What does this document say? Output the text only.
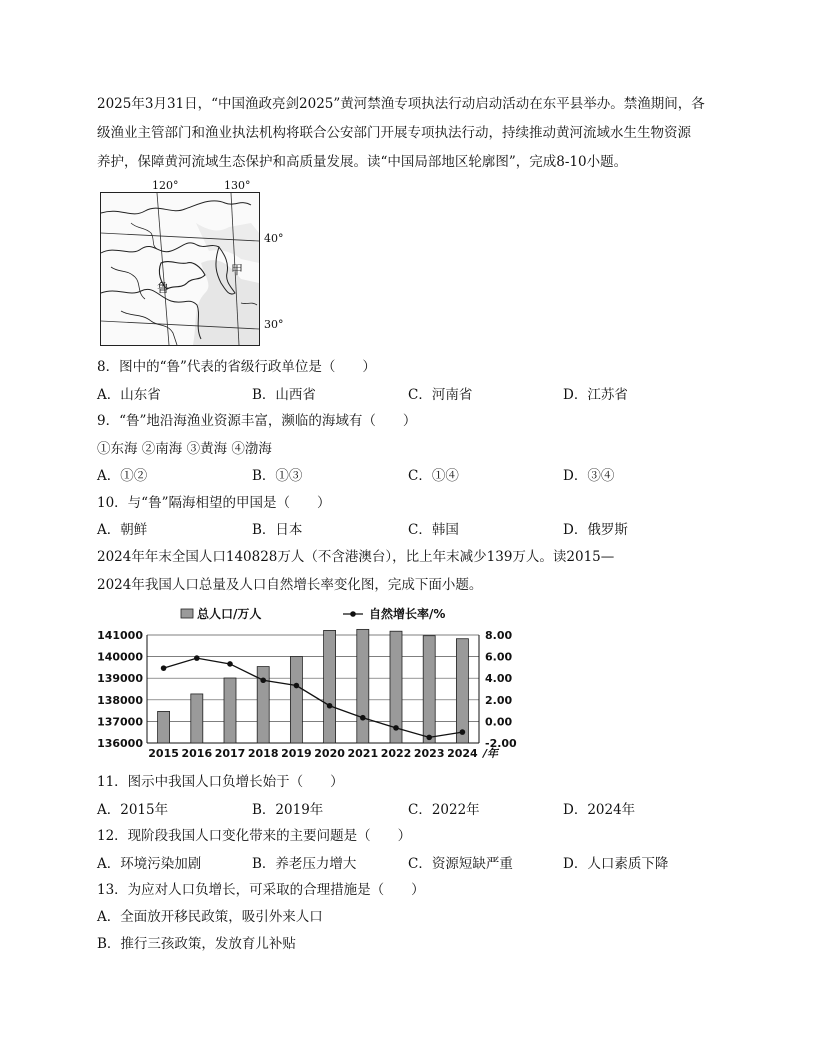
2025年3月31日，“中国渔政亮剑2025”黄河禁渔专项执法行动启动活动在东平县举办。禁渔期间，各
级渔业主管部门和渔业执法机构将联合公安部门开展专项执法行动，持续推动黄河流域水生生物资源
养护，保障黄河流域生态保护和高质量发展。读“中国局部地区轮廓图”，完成8-10小题。
120°	130°
40°
30°
甲
鲁
8．图中的“鲁”代表的省级行政单位是（　　）
A．山东省	B．山西省	C．河南省	D．江苏省
9．“鲁”地沿海渔业资源丰富，濒临的海域有（　　）
①东海 ②南海 ③黄海 ④渤海
A．①②	B．①③	C．①④	D．③④
10．与“鲁”隔海相望的甲国是（　　）
A．朝鲜	B．日本	C．韩国	D．俄罗斯
2024年年末全国人口140828万人（不含港澳台），比上年末减少139万人。读2015—
2024年我国人口总量及人口自然增长率变化图，完成下面小题。
136000
137000
138000
139000
140000
141000
-2.00
0.00
2.00
4.00
6.00
8.00
2015 2016 2017 2018 2019 2020 2021 2022 2023 2024 /年
总人口/万人	自然增长率/%
11．图示中我国人口负增长始于（　　）
A．2015年	B．2019年	C．2022年	D．2024年
12．现阶段我国人口变化带来的主要问题是（　　）
A．环境污染加剧	B．养老压力增大	C．资源短缺严重	D．人口素质下降
13．为应对人口负增长，可采取的合理措施是（　　）
A．全面放开移民政策，吸引外来人口
B．推行三孩政策，发放育儿补贴
